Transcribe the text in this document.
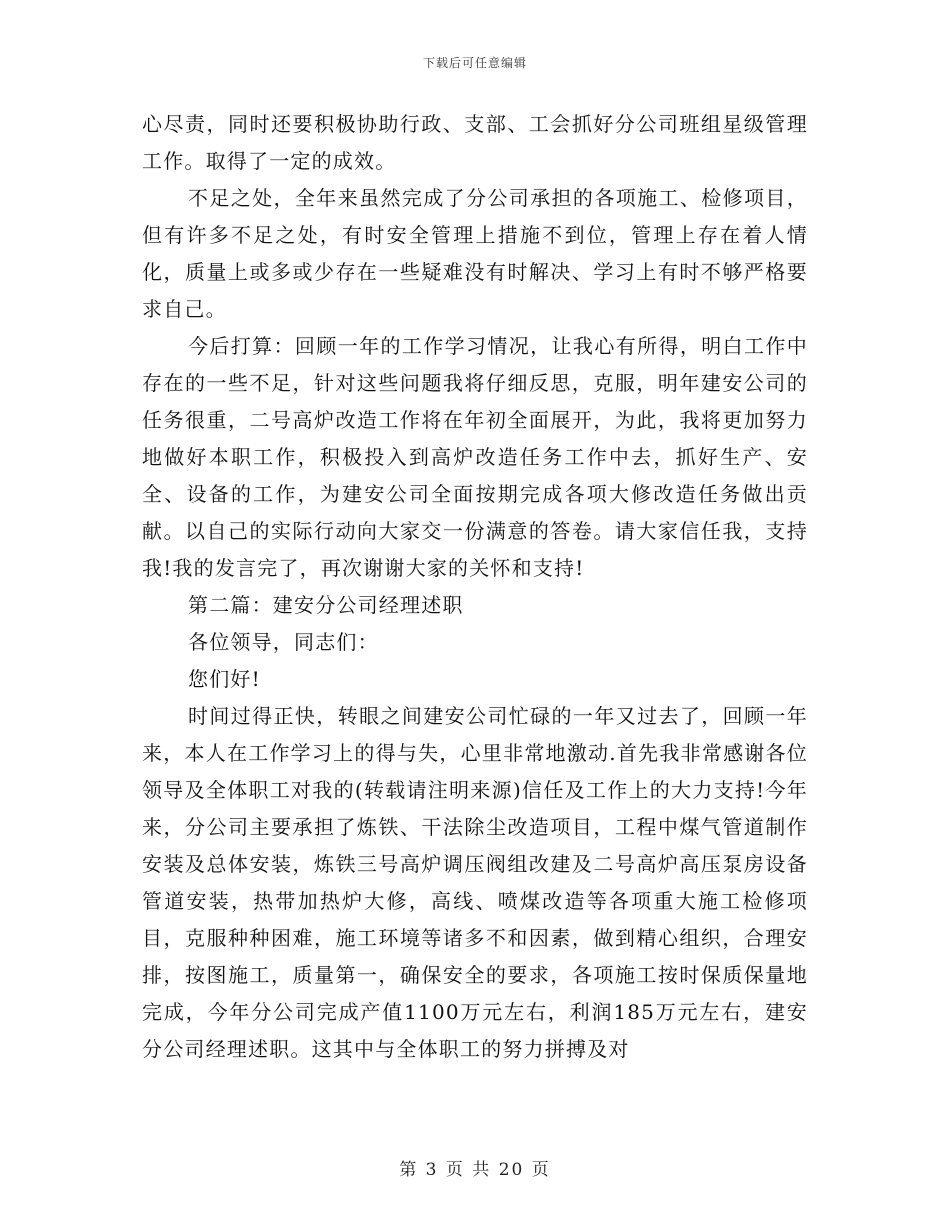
下载后可任意编辑

心尽责，同时还要积极协助行政、支部、工会抓好分公司班组星级管理工作。取得了一定的成效。

不足之处，全年来虽然完成了分公司承担的各项施工、检修项目，但有许多不足之处，有时安全管理上措施不到位，管理上存在着人情化，质量上或多或少存在一些疑难没有时解决、学习上有时不够严格要求自己。

今后打算：回顾一年的工作学习情况，让我心有所得，明白工作中存在的一些不足，针对这些问题我将仔细反思，克服，明年建安公司的任务很重，二号高炉改造工作将在年初全面展开，为此，我将更加努力地做好本职工作，积极投入到高炉改造任务工作中去，抓好生产、安全、设备的工作，为建安公司全面按期完成各项大修改造任务做出贡献。以自己的实际行动向大家交一份满意的答卷。请大家信任我，支持我!我的发言完了，再次谢谢大家的关怀和支持!

第二篇：建安分公司经理述职

各位领导，同志们：

您们好!

时间过得正快，转眼之间建安公司忙碌的一年又过去了，回顾一年来，本人在工作学习上的得与失，心里非常地激动.首先我非常感谢各位领导及全体职工对我的(转载请注明来源)信任及工作上的大力支持!今年来，分公司主要承担了炼铁、干法除尘改造项目，工程中煤气管道制作安装及总体安装，炼铁三号高炉调压阀组改建及二号高炉高压泵房设备管道安装，热带加热炉大修，高线、喷煤改造等各项重大施工检修项目，克服种种困难，施工环境等诸多不和因素，做到精心组织，合理安排，按图施工，质量第一，确保安全的要求，各项施工按时保质保量地完成，今年分公司完成产值1100万元左右，利润185万元左右，建安分公司经理述职。这其中与全体职工的努力拼搏及对

第 3 页 共 20 页
